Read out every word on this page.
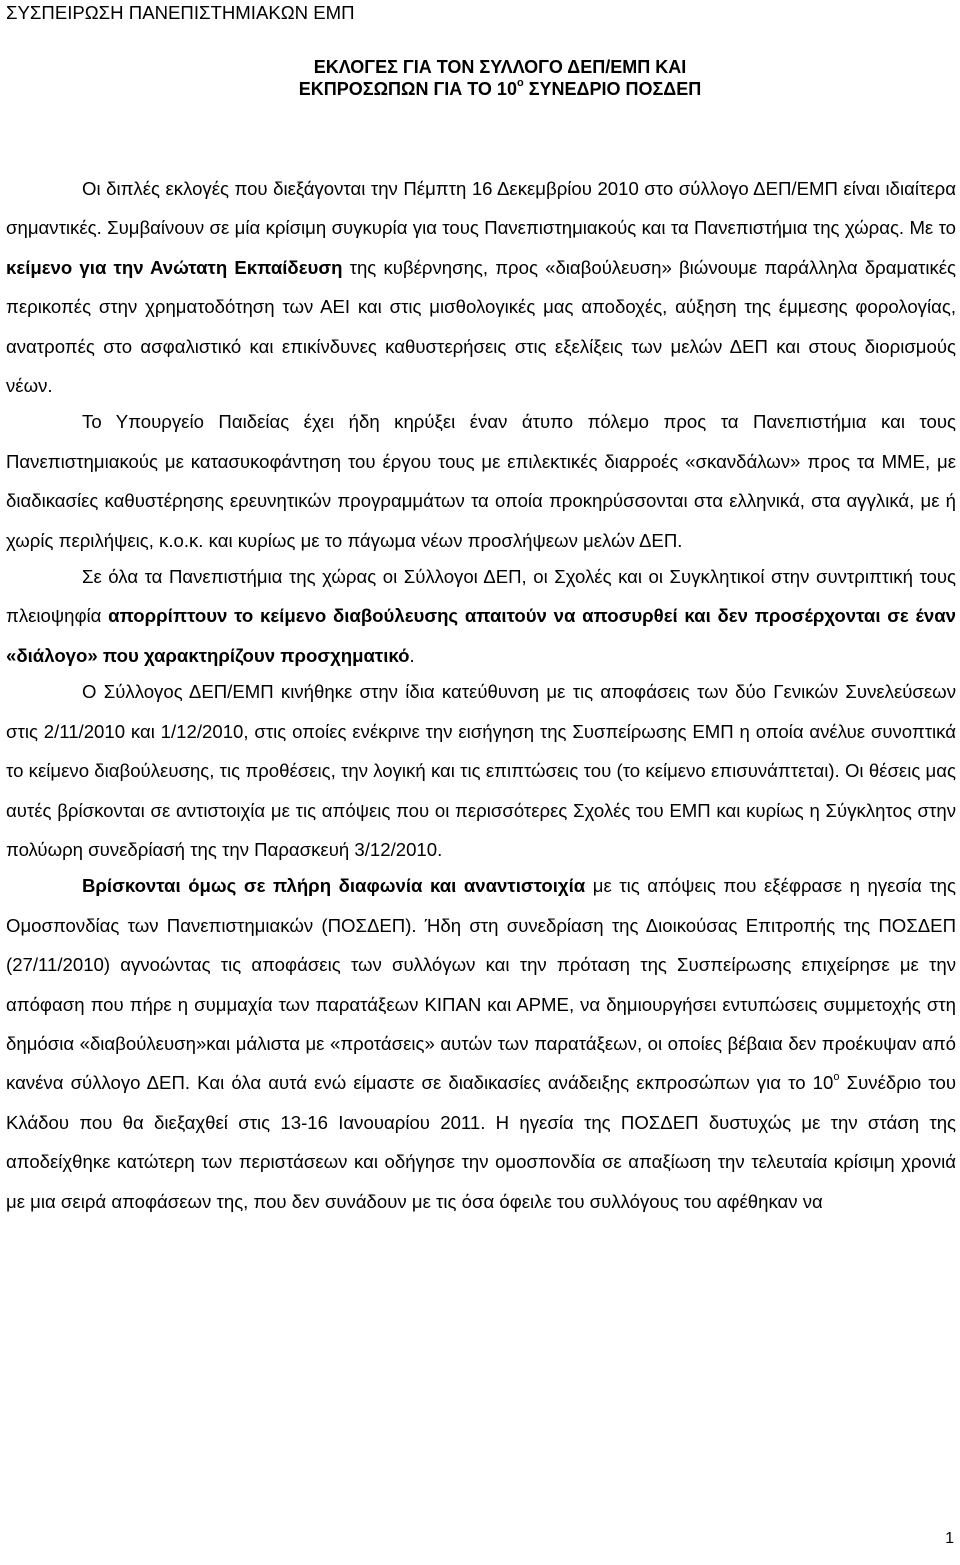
ΣΥΣΠΕΙΡΩΣΗ ΠΑΝΕΠΙΣΤΗΜΙΑΚΩΝ ΕΜΠ
ΕΚΛΟΓΕΣ ΓΙΑ ΤΟΝ ΣΥΛΛΟΓΟ ΔΕΠ/ΕΜΠ ΚΑΙ
ΕΚΠΡΟΣΩΠΩΝ ΓΙΑ ΤΟ $10^o$ ΣΥΝΕΔΡΙΟ ΠΟΣΔΕΠ

Οι διπλές εκλογές που διεξάγονται την Πέμπτη 16 Δεκεμβρίου 2010 στο σύλλογο ΔΕΠ/ΕΜΠ είναι ιδιαίτερα σημαντικές. Συμβαίνουν σε μία κρίσιμη συγκυρία για τους Πανεπιστημιακούς και τα Πανεπιστήμια της χώρας. Με το κείμενο για την Ανώτατη Εκπαίδευση της κυβέρνησης, προς «διαβούλευση» βιώνουμε παράλληλα δραματικές περικοπές στην χρηματοδότηση των ΑΕΙ και στις μισθολογικές μας αποδοχές, αύξηση της έμμεσης φορολογίας, ανατροπές στο ασφαλιστικό και επικίνδυνες καθυστερήσεις στις εξελίξεις των μελών ΔΕΠ και στους διορισμούς νέων.

Το Υπουργείο Παιδείας έχει ήδη κηρύξει έναν άτυπο πόλεμο προς τα Πανεπιστήμια και τους Πανεπιστημιακούς με κατασυκοφάντηση του έργου τους με επιλεκτικές διαρροές «σκανδάλων» προς τα ΜΜΕ, με διαδικασίες καθυστέρησης ερευνητικών προγραμμάτων τα οποία προκηρύσσονται στα ελληνικά, στα αγγλικά, με ή χωρίς περιλήψεις, κ.ο.κ. και κυρίως με το πάγωμα νέων προσλήψεων μελών ΔΕΠ.

Σε όλα τα Πανεπιστήμια της χώρας οι Σύλλογοι ΔΕΠ, οι Σχολές και οι Συγκλητικοί στην συντριπτική τους πλειοψηφία απορρίπτουν το κείμενο διαβούλευσης απαιτούν να αποσυρθεί και δεν προσέρχονται σε έναν «διάλογο» που χαρακτηρίζουν προσχηματικό.

Ο Σύλλογος ΔΕΠ/ΕΜΠ κινήθηκε στην ίδια κατεύθυνση με τις αποφάσεις των δύο Γενικών Συνελεύσεων στις 2/11/2010 και 1/12/2010, στις οποίες ενέκρινε την εισήγηση της Συσπείρωσης ΕΜΠ η οποία ανέλυε συνοπτικά το κείμενο διαβούλευσης, τις προθέσεις, την λογική και τις επιπτώσεις του (το κείμενο επισυνάπτεται). Οι θέσεις μας αυτές βρίσκονται σε αντιστοιχία με τις απόψεις που οι περισσότερες Σχολές του ΕΜΠ και κυρίως η Σύγκλητος στην πολύωρη συνεδρίασή της την Παρασκευή 3/12/2010.

Βρίσκονται όμως σε πλήρη διαφωνία και αναντιστοιχία με τις απόψεις που εξέφρασε η ηγεσία της Ομοσπονδίας των Πανεπιστημιακών (ΠΟΣΔΕΠ). Ήδη στη συνεδρίαση της Διοικούσας Επιτροπής της ΠΟΣΔΕΠ (27/11/2010) αγνοώντας τις αποφάσεις των συλλόγων και την πρόταση της Συσπείρωσης επιχείρησε με την απόφαση που πήρε η συμμαχία των παρατάξεων ΚΙΠΑΝ και ΑΡΜΕ, να δημιουργήσει εντυπώσεις συμμετοχής στη δημόσια «διαβούλευση»και μάλιστα με «προτάσεις» αυτών των παρατάξεων, οι οποίες βέβαια δεν προέκυψαν από κανένα σύλλογο ΔΕΠ. Και όλα αυτά ενώ είμαστε σε διαδικασίες ανάδειξης εκπροσώπων για το $10^o$ Συνέδριο του Κλάδου που θα διεξαχθεί στις 13-16 Ιανουαρίου 2011. Η ηγεσία της ΠΟΣΔΕΠ δυστυχώς με την στάση της αποδείχθηκε κατώτερη των περιστάσεων και οδήγησε την ομοσπονδία σε απαξίωση την τελευταία κρίσιμη χρονιά με μια σειρά αποφάσεων της, που δεν συνάδουν με τις όσα όφειλε του συλλόγους του αφέθηκαν να

1
